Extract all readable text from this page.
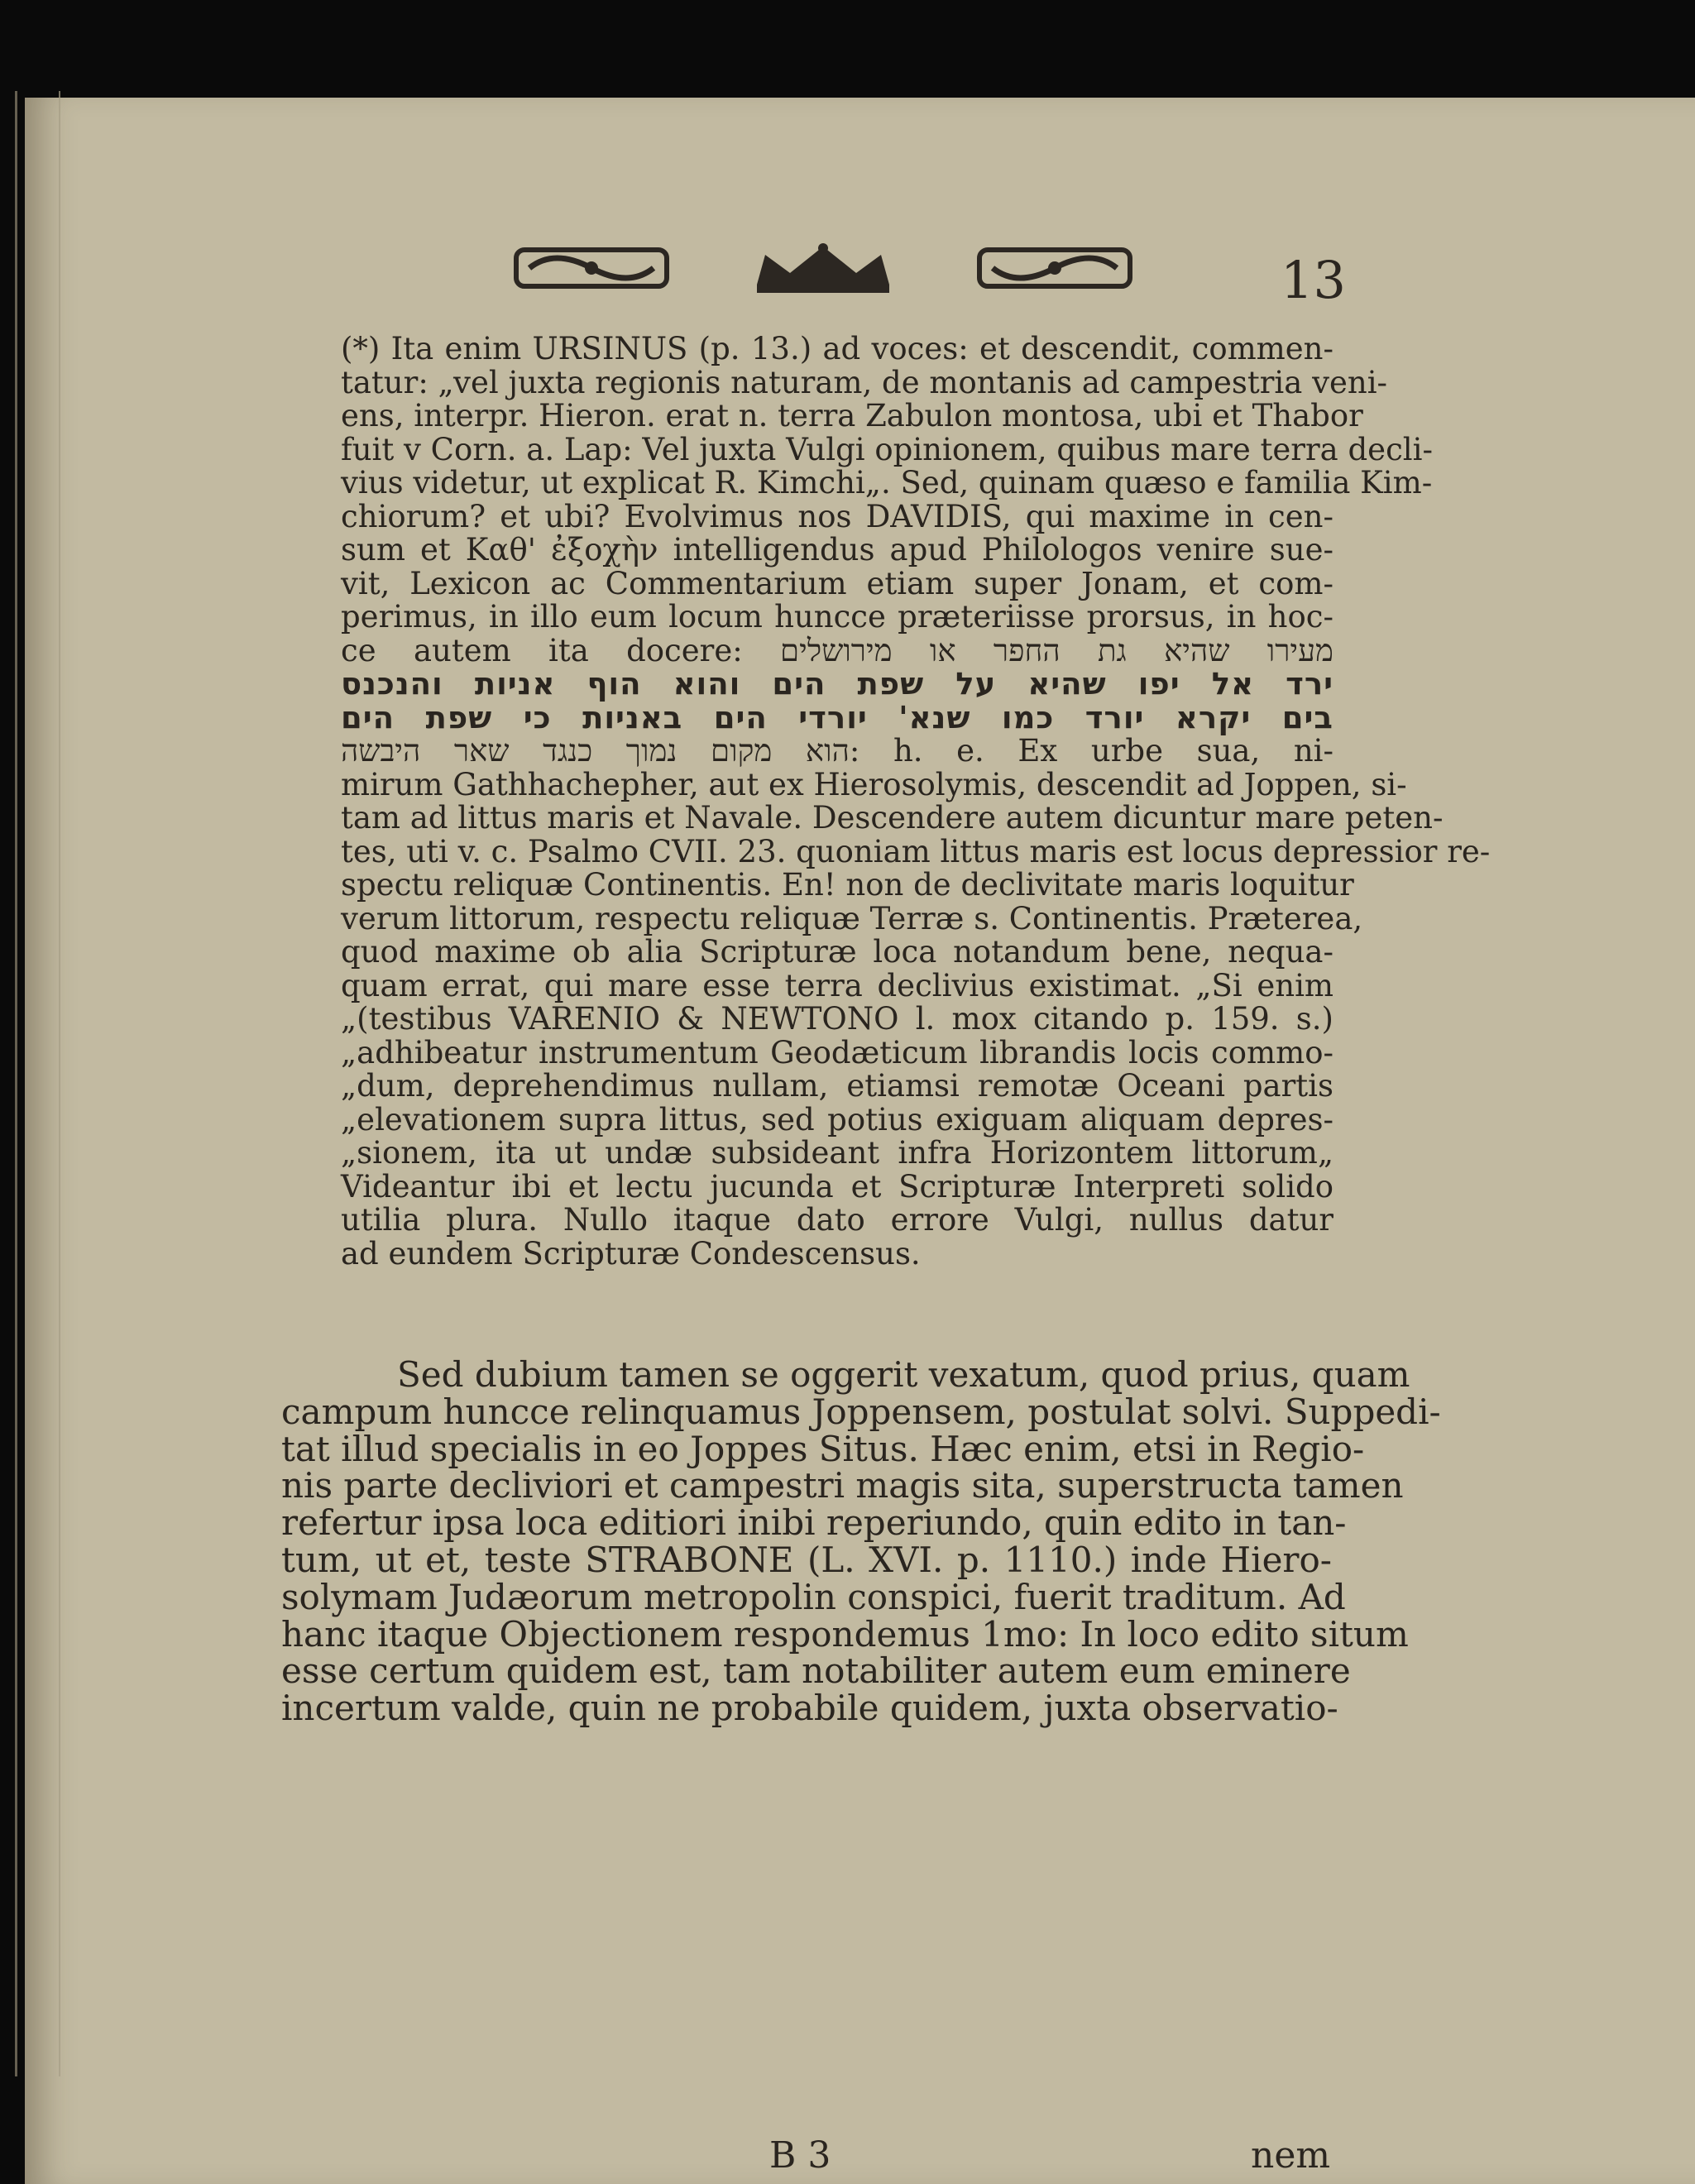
13
(*) Ita enim URSINUS (p. 13.) ad voces: et descendit, commen-
tatur: „vel juxta regionis naturam, de montanis ad campestria veni-
ens, interpr. Hieron. erat n. terra Zabulon montosa, ubi et Thabor
fuit v Corn. a. Lap: Vel juxta Vulgi opinionem, quibus mare terra decli-
vius videtur, ut explicat R. Kimchi„. Sed, quinam quæso e familia Kim-
chiorum? et ubi? Evolvimus nos DAVIDIS, qui maxime in cen-
sum et Καθ' ἐξοχὴν intelligendus apud Philologos venire sue-
vit, Lexicon ac Commentarium etiam super Jonam, et com-
perimus, in illo eum locum huncce præteriisse prorsus, in hoc-
ce autem ita docere: מעירו שהיא גת החפר או מירושלים
ירד אל יפו שהיא על שפת הים והוא הוף אניות והנכנס
בים יקרא יורד כמו שנא' יורדי הים באניות כי שפת הים
הוא מקום נמוך כנגד שאר היבשה: h. e. Ex urbe sua, ni-
mirum Gathhachepher, aut ex Hierosolymis, descendit ad Joppen, si-
tam ad littus maris et Navale. Descendere autem dicuntur mare peten-
tes, uti v. c. Psalmo CVII. 23. quoniam littus maris est locus depressior re-
spectu reliquæ Continentis. En! non de declivitate maris loquitur
verum littorum, respectu reliquæ Terræ s. Continentis. Præterea,
quod maxime ob alia Scripturæ loca notandum bene, nequa-
quam errat, qui mare esse terra declivius existimat. „Si enim
„(testibus VARENIO & NEWTONO l. mox citando p. 159. s.)
„adhibeatur instrumentum Geodæticum librandis locis commo-
„dum, deprehendimus nullam, etiamsi remotæ Oceani partis
„elevationem supra littus, sed potius exiguam aliquam depres-
„sionem, ita ut undæ subsideant infra Horizontem littorum„
Videantur ibi et lectu jucunda et Scripturæ Interpreti solido
utilia plura. Nullo itaque dato errore Vulgi, nullus datur
ad eundem Scripturæ Condescensus.
Sed dubium tamen se oggerit vexatum, quod prius, quam
campum huncce relinquamus Joppensem, postulat solvi. Suppedi-
tat illud specialis in eo Joppes Situs. Hæc enim, etsi in Regio-
nis parte decliviori et campestri magis sita, superstructa tamen
refertur ipsa loca editiori inibi reperiundo, quin edito in tan-
tum, ut et, teste STRABONE (L. XVI. p. 1110.) inde Hiero-
solymam Judæorum metropolin conspici, fuerit traditum. Ad
hanc itaque Objectionem respondemus 1mo: In loco edito situm
esse certum quidem est, tam notabiliter autem eum eminere
incertum valde, quin ne probabile quidem, juxta observatio-
B 3	nem
